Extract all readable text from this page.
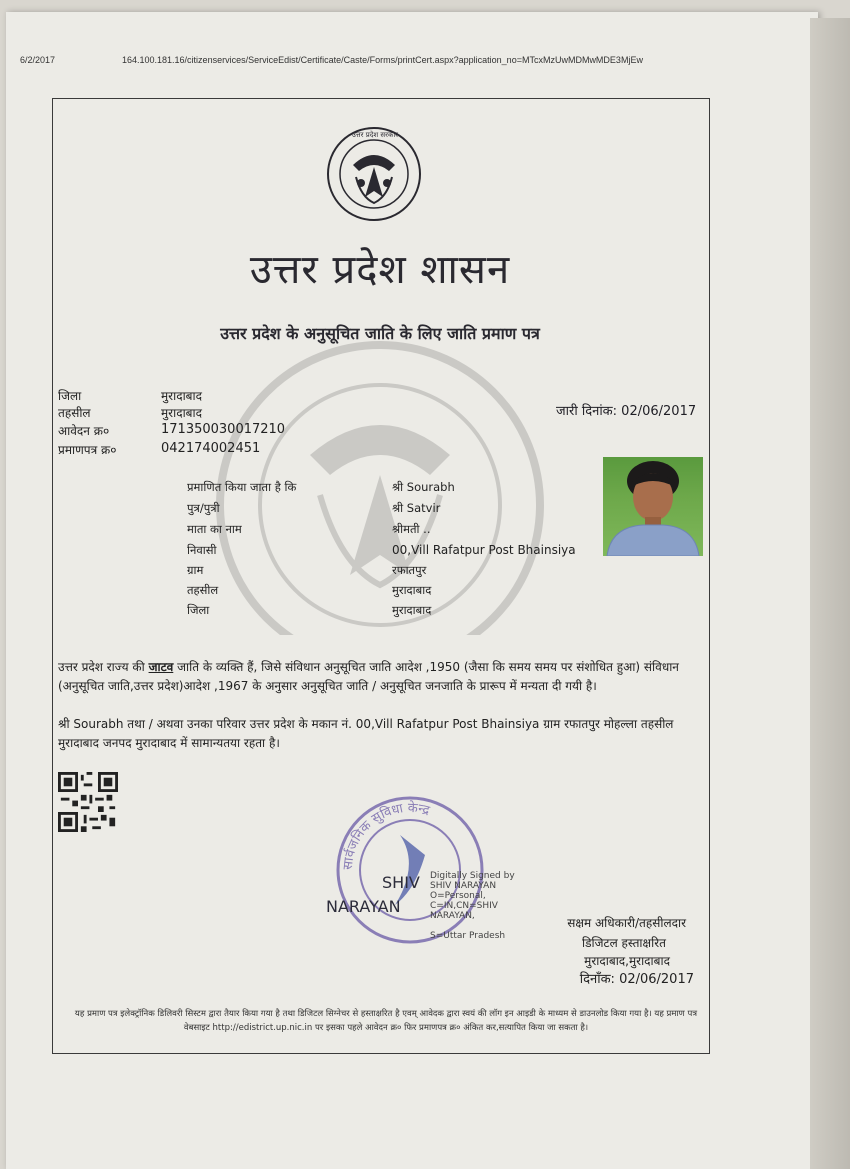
6/2/2017	164.100.181.16/citizenservices/ServiceEdist/Certificate/Caste/Forms/printCert.aspx?application_no=MTcxMzUwMDMwMDE3MjEw
उत्तर प्रदेश सरकार
उत्तर प्रदेश शासन
उत्तर प्रदेश के अनुसूचित जाति के लिए जाति प्रमाण पत्र
जिला	मुरादाबाद
तहसील	मुरादाबाद
आवेदन क्र०	171350030017210
प्रमाणपत्र क्र०	042174002451
जारी दिनांक: 02/06/2017
प्रमाणित किया जाता है कि	श्री Sourabh
पुत्र/पुत्री	श्री Satvir
माता का नाम	श्रीमती ..
निवासी	00,Vill Rafatpur Post Bhainsiya
ग्राम	रफातपुर
तहसील	मुरादाबाद
जिला	मुरादाबाद
उत्तर प्रदेश राज्य की जाटव जाति के व्यक्ति हैं, जिसे संविधान अनुसूचित जाति आदेश ,1950 (जैसा कि समय समय पर संशोधित हुआ) संविधान (अनुसूचित जाति,उत्तर प्रदेश)आदेश ,1967 के अनुसार अनुसूचित जाति / अनुसूचित जनजाति के प्रारूप में मन्यता दी गयी है।
श्री Sourabh तथा / अथवा उनका परिवार उत्तर प्रदेश के मकान नं. 00,Vill Rafatpur Post Bhainsiya ग्राम रफातपुर मोहल्ला तहसील मुरादाबाद जनपद मुरादाबाद में सामान्यतया रहता है।
सार्वजनिक सुविधा केन्द्र
SHIV
NARAYAN
Digitally Signed by
SHIV NARAYAN
O=Personal,
C=IN,CN=SHIV
NARAYAN,
S=Uttar Pradesh
सक्षम अधिकारी/तहसीलदार
डिजिटल हस्ताक्षरित
मुरादाबाद,मुरादाबाद
दिनाँक: 02/06/2017
यह प्रमाण पत्र इलेक्ट्रॉनिक डिलिवरी सिस्टम द्वारा तैयार किया गया है तथा डिजिटल सिग्नेचर से हस्ताक्षरित है एवम् आवेदक द्वारा स्वयं की लॉग इन आइडी के माध्यम से डाउनलोड किया गया है। यह प्रमाण पत्र वेबसाइट http://edistrict.up.nic.in पर इसका पहले आवेदन क्र० फिर प्रमाणपत्र क्र० अंकित कर,सत्यापित किया जा सकता है।
